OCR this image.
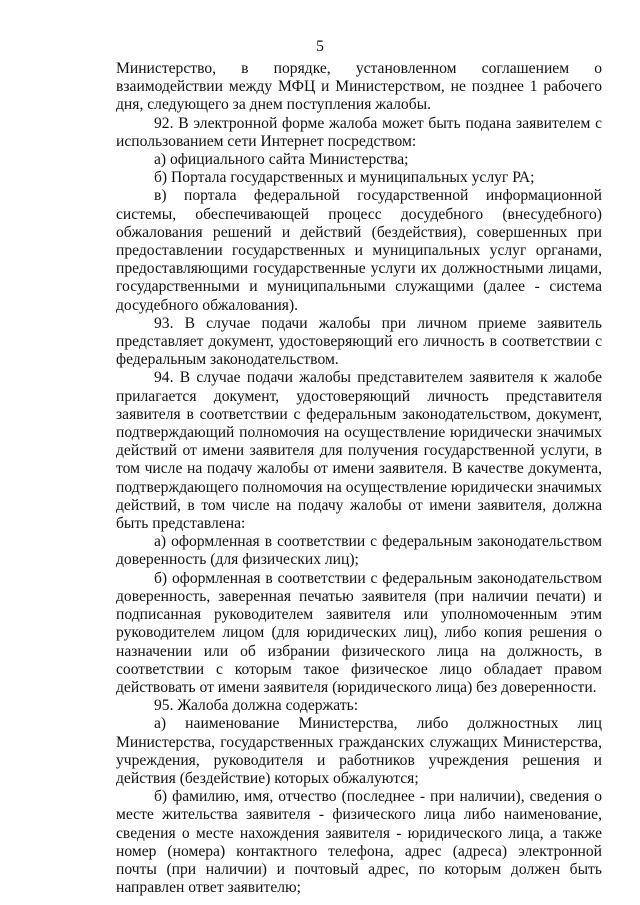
5

Министерство, в порядке, установленном соглашением о взаимодействии между МФЦ и Министерством, не позднее 1 рабочего дня, следующего за днем поступления жалобы.

92. В электронной форме жалоба может быть подана заявителем с использованием сети Интернет посредством:

а) официального сайта Министерства;

б) Портала государственных и муниципальных услуг РА;

в) портала федеральной государственной информационной системы, обеспечивающей процесс досудебного (внесудебного) обжалования решений и действий (бездействия), совершенных при предоставлении государственных и муниципальных услуг органами, предоставляющими государственные услуги их должностными лицами, государственными и муниципальными служащими (далее - система досудебного обжалования).

93. В случае подачи жалобы при личном приеме заявитель представляет документ, удостоверяющий его личность в соответствии с федеральным законодательством.

94. В случае подачи жалобы представителем заявителя к жалобе прилагается документ, удостоверяющий личность представителя заявителя в соответствии с федеральным законодательством, документ, подтверждающий полномочия на осуществление юридически значимых действий от имени заявителя для получения государственной услуги, в том числе на подачу жалобы от имени заявителя. В качестве документа, подтверждающего полномочия на осуществление юридически значимых действий, в том числе на подачу жалобы от имени заявителя, должна быть представлена:

а) оформленная в соответствии с федеральным законодательством доверенность (для физических лиц);

б) оформленная в соответствии с федеральным законодательством доверенность, заверенная печатью заявителя (при наличии печати) и подписанная руководителем заявителя или уполномоченным этим руководителем лицом (для юридических лиц), либо копия решения о назначении или об избрании физического лица на должность, в соответствии с которым такое физическое лицо обладает правом действовать от имени заявителя (юридического лица) без доверенности.

95. Жалоба должна содержать:

а) наименование Министерства, либо должностных лиц Министерства, государственных гражданских служащих Министерства, учреждения, руководителя и работников учреждения решения и действия (бездействие) которых обжалуются;

б) фамилию, имя, отчество (последнее - при наличии), сведения о месте жительства заявителя - физического лица либо наименование, сведения о месте нахождения заявителя - юридического лица, а также номер (номера) контактного телефона, адрес (адреса) электронной почты (при наличии) и почтовый адрес, по которым должен быть направлен ответ заявителю;
